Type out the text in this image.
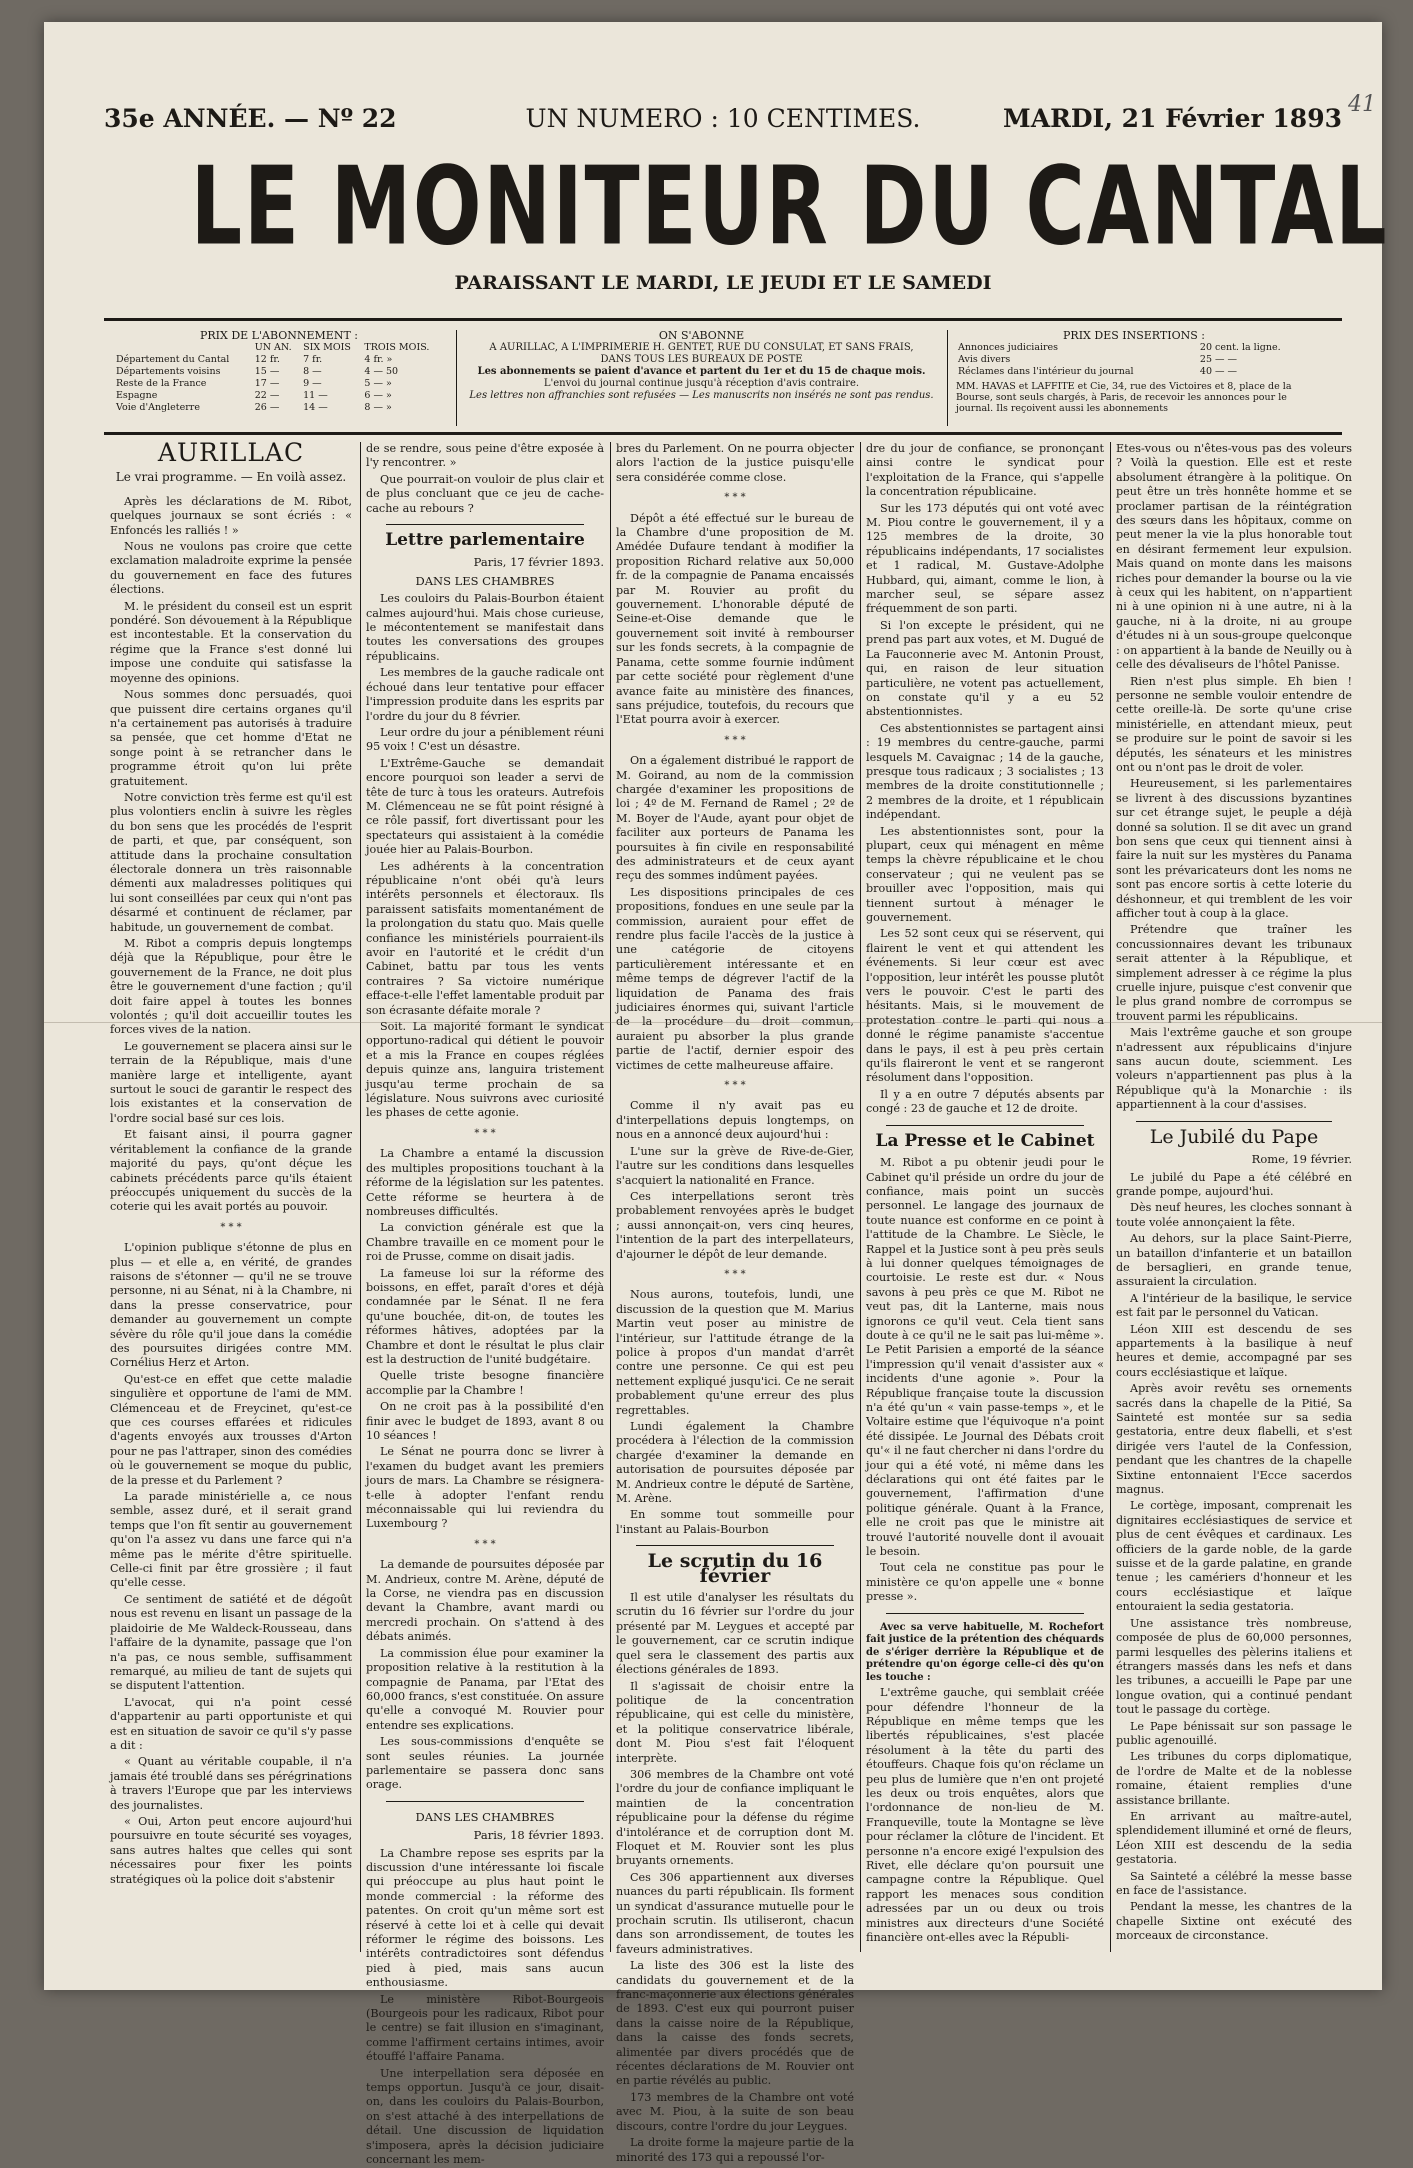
41
35e ANNÉE. — Nº 22	UN NUMERO : 10 CENTIMES.	MARDI, 21 Février 1893
LE MONITEUR DU CANTAL
PARAISSANT LE MARDI, LE JEUDI ET LE SAMEDI
PRIX DE L'ABONNEMENT :
	UN AN.	SIX MOIS	TROIS MOIS.
Département du Cantal	12 fr.	7 fr.	4 fr. »
Départements voisins	15 —	8 —	4 — 50
Reste de la France	17 —	9 —	5 — »
Espagne	22 —	11 —	6 — »
Voie d'Angleterre	26 —	14 —	8 — »
ON S'ABONNE
A AURILLAC, A L'IMPRIMERIE H. GENTET, RUE DU CONSULAT, ET SANS FRAIS,
DANS TOUS LES BUREAUX DE POSTE
Les abonnements se paient d'avance et partent du 1er et du 15 de chaque mois.
L'envoi du journal continue jusqu'à réception d'avis contraire.
Les lettres non affranchies sont refusées — Les manuscrits non insérés ne sont pas rendus.
PRIX DES INSERTIONS :
Annonces judiciaires	20 cent. la ligne.
Avis divers	25 — —
Réclames dans l'intérieur du journal	40 — —
MM. HAVAS et LAFFITE et Cie, 34, rue des Victoires et 8, place de la Bourse, sont seuls chargés, à Paris, de recevoir les annonces pour le journal. Ils reçoivent aussi les abonnements
AURILLAC
Le vrai programme. — En voilà assez.

Après les déclarations de M. Ribot, quelques journaux se sont écriés : « Enfoncés les ralliés ! »

Nous ne voulons pas croire que cette exclamation maladroite exprime la pensée du gouvernement en face des futures élections.

M. le président du conseil est un esprit pondéré. Son dévouement à la République est incontestable. Et la conservation du régime que la France s'est donné lui impose une conduite qui satisfasse la moyenne des opinions.

Nous sommes donc persuadés, quoi que puissent dire certains organes qu'il n'a certainement pas autorisés à traduire sa pensée, que cet homme d'Etat ne songe point à se retrancher dans le programme étroit qu'on lui prête gratuitement.

Notre conviction très ferme est qu'il est plus volontiers enclin à suivre les règles du bon sens que les procédés de l'esprit de parti, et que, par conséquent, son attitude dans la prochaine consultation électorale donnera un très raisonnable démenti aux maladresses politiques qui lui sont conseillées par ceux qui n'ont pas désarmé et continuent de réclamer, par habitude, un gouvernement de combat.

M. Ribot a compris depuis longtemps déjà que la République, pour être le gouvernement de la France, ne doit plus être le gouvernement d'une faction ; qu'il doit faire appel à toutes les bonnes volontés ; qu'il doit accueillir toutes les forces vives de la nation.

Le gouvernement se placera ainsi sur le terrain de la République, mais d'une manière large et intelligente, ayant surtout le souci de garantir le respect des lois existantes et la conservation de l'ordre social basé sur ces lois.

Et faisant ainsi, il pourra gagner véritablement la confiance de la grande majorité du pays, qu'ont déçue les cabinets précédents parce qu'ils étaient préoccupés uniquement du succès de la coterie qui les avait portés au pouvoir.

* * *

L'opinion publique s'étonne de plus en plus — et elle a, en vérité, de grandes raisons de s'étonner — qu'il ne se trouve personne, ni au Sénat, ni à la Chambre, ni dans la presse conservatrice, pour demander au gouvernement un compte sévère du rôle qu'il joue dans la comédie des poursuites dirigées contre MM. Cornélius Herz et Arton.

Qu'est-ce en effet que cette maladie singulière et opportune de l'ami de MM. Clémenceau et de Freycinet, qu'est-ce que ces courses effarées et ridicules d'agents envoyés aux trousses d'Arton pour ne pas l'attraper, sinon des comédies où le gouvernement se moque du public, de la presse et du Parlement ?

La parade ministérielle a, ce nous semble, assez duré, et il serait grand temps que l'on fît sentir au gouvernement qu'on l'a assez vu dans une farce qui n'a même pas le mérite d'être spirituelle. Celle-ci finit par être grossière ; il faut qu'elle cesse.

Ce sentiment de satiété et de dégoût nous est revenu en lisant un passage de la plaidoirie de Me Waldeck-Rousseau, dans l'affaire de la dynamite, passage que l'on n'a pas, ce nous semble, suffisamment remarqué, au milieu de tant de sujets qui se disputent l'attention.

L'avocat, qui n'a point cessé d'appartenir au parti opportuniste et qui est en situation de savoir ce qu'il s'y passe a dit :

« Quant au véritable coupable, il n'a jamais été troublé dans ses pérégrinations à travers l'Europe que par les interviews des journalistes.

« Oui, Arton peut encore aujourd'hui poursuivre en toute sécurité ses voyages, sans autres haltes que celles qui sont nécessaires pour fixer les points stratégiques où la police doit s'abstenir

de se rendre, sous peine d'être exposée à l'y rencontrer. »

Que pourrait-on vouloir de plus clair et de plus concluant que ce jeu de cache-cache au rebours ?

Lettre parlementaire
Paris, 17 février 1893.
DANS LES CHAMBRES

Les couloirs du Palais-Bourbon étaient calmes aujourd'hui. Mais chose curieuse, le mécontentement se manifestait dans toutes les conversations des groupes républicains.

Les membres de la gauche radicale ont échoué dans leur tentative pour effacer l'impression produite dans les esprits par l'ordre du jour du 8 février.

Leur ordre du jour a péniblement réuni 95 voix ! C'est un désastre.

L'Extrême-Gauche se demandait encore pourquoi son leader a servi de tête de turc à tous les orateurs. Autrefois M. Clémenceau ne se fût point résigné à ce rôle passif, fort divertissant pour les spectateurs qui assistaient à la comédie jouée hier au Palais-Bourbon.

Les adhérents à la concentration républicaine n'ont obéi qu'à leurs intérêts personnels et électoraux. Ils paraissent satisfaits momentanément de la prolongation du statu quo. Mais quelle confiance les ministériels pourraient-ils avoir en l'autorité et le crédit d'un Cabinet, battu par tous les vents contraires ? Sa victoire numérique efface-t-elle l'effet lamentable produit par son écrasante défaite morale ?

Soit. La majorité formant le syndicat opportuno-radical qui détient le pouvoir et a mis la France en coupes réglées depuis quinze ans, languira tristement jusqu'au terme prochain de sa législature. Nous suivrons avec curiosité les phases de cette agonie.

* * *

La Chambre a entamé la discussion des multiples propositions touchant à la réforme de la législation sur les patentes. Cette réforme se heurtera à de nombreuses difficultés.

La conviction générale est que la Chambre travaille en ce moment pour le roi de Prusse, comme on disait jadis.

La fameuse loi sur la réforme des boissons, en effet, paraît d'ores et déjà condamnée par le Sénat. Il ne fera qu'une bouchée, dit-on, de toutes les réformes hâtives, adoptées par la Chambre et dont le résultat le plus clair est la destruction de l'unité budgétaire.

Quelle triste besogne financière accomplie par la Chambre !

On ne croit pas à la possibilité d'en finir avec le budget de 1893, avant 8 ou 10 séances !

Le Sénat ne pourra donc se livrer à l'examen du budget avant les premiers jours de mars. La Chambre se résignera-t-elle à adopter l'enfant rendu méconnaissable qui lui reviendra du Luxembourg ?

* * *

La demande de poursuites déposée par M. Andrieux, contre M. Arène, député de la Corse, ne viendra pas en discussion devant la Chambre, avant mardi ou mercredi prochain. On s'attend à des débats animés.

La commission élue pour examiner la proposition relative à la restitution à la compagnie de Panama, par l'Etat des 60,000 francs, s'est constituée. On assure qu'elle a convoqué M. Rouvier pour entendre ses explications.

Les sous-commissions d'enquête se sont seules réunies. La journée parlementaire se passera donc sans orage.

DANS LES CHAMBRES
Paris, 18 février 1893.

La Chambre repose ses esprits par la discussion d'une intéressante loi fiscale qui préoccupe au plus haut point le monde commercial : la réforme des patentes. On croit qu'un même sort est réservé à cette loi et à celle qui devait réformer le régime des boissons. Les intérêts contradictoires sont défendus pied à pied, mais sans aucun enthousiasme.

Le ministère Ribot-Bourgeois (Bourgeois pour les radicaux, Ribot pour le centre) se fait illusion en s'imaginant, comme l'affirment certains intimes, avoir étouffé l'affaire Panama.

Une interpellation sera déposée en temps opportun. Jusqu'à ce jour, disait-on, dans les couloirs du Palais-Bourbon, on s'est attaché à des interpellations de détail. Une discussion de liquidation s'imposera, après la décision judiciaire concernant les mem-

bres du Parlement. On ne pourra objecter alors l'action de la justice puisqu'elle sera considérée comme close.

* * *

Dépôt a été effectué sur le bureau de la Chambre d'une proposition de M. Amédée Dufaure tendant à modifier la proposition Richard relative aux 50,000 fr. de la compagnie de Panama encaissés par M. Rouvier au profit du gouvernement. L'honorable député de Seine-et-Oise demande que le gouvernement soit invité à rembourser sur les fonds secrets, à la compagnie de Panama, cette somme fournie indûment par cette société pour règlement d'une avance faite au ministère des finances, sans préjudice, toutefois, du recours que l'Etat pourra avoir à exercer.

* * *

On a également distribué le rapport de M. Goirand, au nom de la commission chargée d'examiner les propositions de loi ; 4º de M. Fernand de Ramel ; 2º de M. Boyer de l'Aude, ayant pour objet de faciliter aux porteurs de Panama les poursuites à fin civile en responsabilité des administrateurs et de ceux ayant reçu des sommes indûment payées.

Les dispositions principales de ces propositions, fondues en une seule par la commission, auraient pour effet de rendre plus facile l'accès de la justice à une catégorie de citoyens particulièrement intéressante et en même temps de dégrever l'actif de la liquidation de Panama des frais judiciaires énormes qui, suivant l'article de la procédure du droit commun, auraient pu absorber la plus grande partie de l'actif, dernier espoir des victimes de cette malheureuse affaire.

* * *

Comme il n'y avait pas eu d'interpellations depuis longtemps, on nous en a annoncé deux aujourd'hui :

L'une sur la grève de Rive-de-Gier, l'autre sur les conditions dans lesquelles s'acquiert la nationalité en France.

Ces interpellations seront très probablement renvoyées après le budget ; aussi annonçait-on, vers cinq heures, l'intention de la part des interpellateurs, d'ajourner le dépôt de leur demande.

* * *

Nous aurons, toutefois, lundi, une discussion de la question que M. Marius Martin veut poser au ministre de l'intérieur, sur l'attitude étrange de la police à propos d'un mandat d'arrêt contre une personne. Ce qui est peu nettement expliqué jusqu'ici. Ce ne serait probablement qu'une erreur des plus regrettables.

Lundi également la Chambre procédera à l'élection de la commission chargée d'examiner la demande en autorisation de poursuites déposée par M. Andrieux contre le député de Sartène, M. Arène.

En somme tout sommeille pour l'instant au Palais-Bourbon

Le scrutin du 16 février

Il est utile d'analyser les résultats du scrutin du 16 février sur l'ordre du jour présenté par M. Leygues et accepté par le gouvernement, car ce scrutin indique quel sera le classement des partis aux élections générales de 1893.

Il s'agissait de choisir entre la politique de la concentration républicaine, qui est celle du ministère, et la politique conservatrice libérale, dont M. Piou s'est fait l'éloquent interprète.

306 membres de la Chambre ont voté l'ordre du jour de confiance impliquant le maintien de la concentration républicaine pour la défense du régime d'intolérance et de corruption dont M. Floquet et M. Rouvier sont les plus bruyants ornements.

Ces 306 appartiennent aux diverses nuances du parti républicain. Ils forment un syndicat d'assurance mutuelle pour le prochain scrutin. Ils utiliseront, chacun dans son arrondissement, de toutes les faveurs administratives.

La liste des 306 est la liste des candidats du gouvernement et de la franc-maçonnerie aux élections générales de 1893. C'est eux qui pourront puiser dans la caisse noire de la République, dans la caisse des fonds secrets, alimentée par divers procédés que de récentes déclarations de M. Rouvier ont en partie révélés au public.

173 membres de la Chambre ont voté avec M. Piou, à la suite de son beau discours, contre l'ordre du jour Leygues.

La droite forme la majeure partie de la minorité des 173 qui a repoussé l'or-

dre du jour de confiance, se prononçant ainsi contre le syndicat pour l'exploitation de la France, qui s'appelle la concentration républicaine.

Sur les 173 députés qui ont voté avec M. Piou contre le gouvernement, il y a 125 membres de la droite, 30 républicains indépendants, 17 socialistes et 1 radical, M. Gustave-Adolphe Hubbard, qui, aimant, comme le lion, à marcher seul, se sépare assez fréquemment de son parti.

Si l'on excepte le président, qui ne prend pas part aux votes, et M. Dugué de La Fauconnerie avec M. Antonin Proust, qui, en raison de leur situation particulière, ne votent pas actuellement, on constate qu'il y a eu 52 abstentionnistes.

Ces abstentionnistes se partagent ainsi : 19 membres du centre-gauche, parmi lesquels M. Cavaignac ; 14 de la gauche, presque tous radicaux ; 3 socialistes ; 13 membres de la droite constitutionnelle ; 2 membres de la droite, et 1 républicain indépendant.

Les abstentionnistes sont, pour la plupart, ceux qui ménagent en même temps la chèvre républicaine et le chou conservateur ; qui ne veulent pas se brouiller avec l'opposition, mais qui tiennent surtout à ménager le gouvernement.

Les 52 sont ceux qui se réservent, qui flairent le vent et qui attendent les événements. Si leur cœur est avec l'opposition, leur intérêt les pousse plutôt vers le pouvoir. C'est le parti des hésitants. Mais, si le mouvement de protestation contre le parti qui nous a donné le régime panamiste s'accentue dans le pays, il est à peu près certain qu'ils flaireront le vent et se rangeront résolument dans l'opposition.

Il y a en outre 7 députés absents par congé : 23 de gauche et 12 de droite.

La Presse et le Cabinet

M. Ribot a pu obtenir jeudi pour le Cabinet qu'il préside un ordre du jour de confiance, mais point un succès personnel. Le langage des journaux de toute nuance est conforme en ce point à l'attitude de la Chambre. Le Siècle, le Rappel et la Justice sont à peu près seuls à lui donner quelques témoignages de courtoisie. Le reste est dur. « Nous savons à peu près ce que M. Ribot ne veut pas, dit la Lanterne, mais nous ignorons ce qu'il veut. Cela tient sans doute à ce qu'il ne le sait pas lui-même ». Le Petit Parisien a emporté de la séance l'impression qu'il venait d'assister aux « incidents d'une agonie ». Pour la République française toute la discussion n'a été qu'un « vain passe-temps », et le Voltaire estime que l'équivoque n'a point été dissipée. Le Journal des Débats croit qu'« il ne faut chercher ni dans l'ordre du jour qui a été voté, ni même dans les déclarations qui ont été faites par le gouvernement, l'affirmation d'une politique générale. Quant à la France, elle ne croit pas que le ministre ait trouvé l'autorité nouvelle dont il avouait le besoin.

Tout cela ne constitue pas pour le ministère ce qu'on appelle une « bonne presse ».

Avec sa verve habituelle, M. Rochefort fait justice de la prétention des chéquards de s'ériger derrière la République et de prétendre qu'on égorge celle-ci dès qu'on les touche :

L'extrême gauche, qui semblait créée pour défendre l'honneur de la République en même temps que les libertés républicaines, s'est placée résolument à la tête du parti des étouffeurs. Chaque fois qu'on réclame un peu plus de lumière que n'en ont projeté les deux ou trois enquêtes, alors que l'ordonnance de non-lieu de M. Franqueville, toute la Montagne se lève pour réclamer la clôture de l'incident. Et personne n'a encore exigé l'expulsion des Rivet, elle déclare qu'on poursuit une campagne contre la République. Quel rapport les menaces sous condition adressées par un ou deux ou trois ministres aux directeurs d'une Société financière ont-elles avec la Républi-

Etes-vous ou n'êtes-vous pas des voleurs ? Voilà la question. Elle est et reste absolument étrangère à la politique. On peut être un très honnête homme et se proclamer partisan de la réintégration des sœurs dans les hôpitaux, comme on peut mener la vie la plus honorable tout en désirant fermement leur expulsion. Mais quand on monte dans les maisons riches pour demander la bourse ou la vie à ceux qui les habitent, on n'appartient ni à une opinion ni à une autre, ni à la gauche, ni à la droite, ni au groupe d'études ni à un sous-groupe quelconque : on appartient à la bande de Neuilly ou à celle des dévaliseurs de l'hôtel Panisse.

Rien n'est plus simple. Eh bien ! personne ne semble vouloir entendre de cette oreille-là. De sorte qu'une crise ministérielle, en attendant mieux, peut se produire sur le point de savoir si les députés, les sénateurs et les ministres ont ou n'ont pas le droit de voler.

Heureusement, si les parlementaires se livrent à des discussions byzantines sur cet étrange sujet, le peuple a déjà donné sa solution. Il se dit avec un grand bon sens que ceux qui tiennent ainsi à faire la nuit sur les mystères du Panama sont les prévaricateurs dont les noms ne sont pas encore sortis à cette loterie du déshonneur, et qui tremblent de les voir afficher tout à coup à la glace.

Prétendre que traîner les concussionnaires devant les tribunaux serait attenter à la République, et simplement adresser à ce régime la plus cruelle injure, puisque c'est convenir que le plus grand nombre de corrompus se trouvent parmi les républicains.

Mais l'extrême gauche et son groupe n'adressent aux républicains d'injure sans aucun doute, sciemment. Les voleurs n'appartiennent pas plus à la République qu'à la Monarchie : ils appartiennent à la cour d'assises.

Le Jubilé du Pape
Rome, 19 février.

Le jubilé du Pape a été célébré en grande pompe, aujourd'hui.

Dès neuf heures, les cloches sonnant à toute volée annonçaient la fête.

Au dehors, sur la place Saint-Pierre, un bataillon d'infanterie et un bataillon de bersaglieri, en grande tenue, assuraient la circulation.

A l'intérieur de la basilique, le service est fait par le personnel du Vatican.

Léon XIII est descendu de ses appartements à la basilique à neuf heures et demie, accompagné par ses cours ecclésiastique et laïque.

Après avoir revêtu ses ornements sacrés dans la chapelle de la Pitié, Sa Sainteté est montée sur sa sedia gestatoria, entre deux flabelli, et s'est dirigée vers l'autel de la Confession, pendant que les chantres de la chapelle Sixtine entonnaient l'Ecce sacerdos magnus.

Le cortège, imposant, comprenait les dignitaires ecclésiastiques de service et plus de cent évêques et cardinaux. Les officiers de la garde noble, de la garde suisse et de la garde palatine, en grande tenue ; les camériers d'honneur et les cours ecclésiastique et laïque entouraient la sedia gestatoria.

Une assistance très nombreuse, composée de plus de 60,000 personnes, parmi lesquelles des pèlerins italiens et étrangers massés dans les nefs et dans les tribunes, a accueilli le Pape par une longue ovation, qui a continué pendant tout le passage du cortège.

Le Pape bénissait sur son passage le public agenouillé.

Les tribunes du corps diplomatique, de l'ordre de Malte et de la noblesse romaine, étaient remplies d'une assistance brillante.

En arrivant au maître-autel, splendidement illuminé et orné de fleurs, Léon XIII est descendu de la sedia gestatoria.

Sa Sainteté a célébré la messe basse en face de l'assistance.

Pendant la messe, les chantres de la chapelle Sixtine ont exécuté des morceaux de circonstance.
